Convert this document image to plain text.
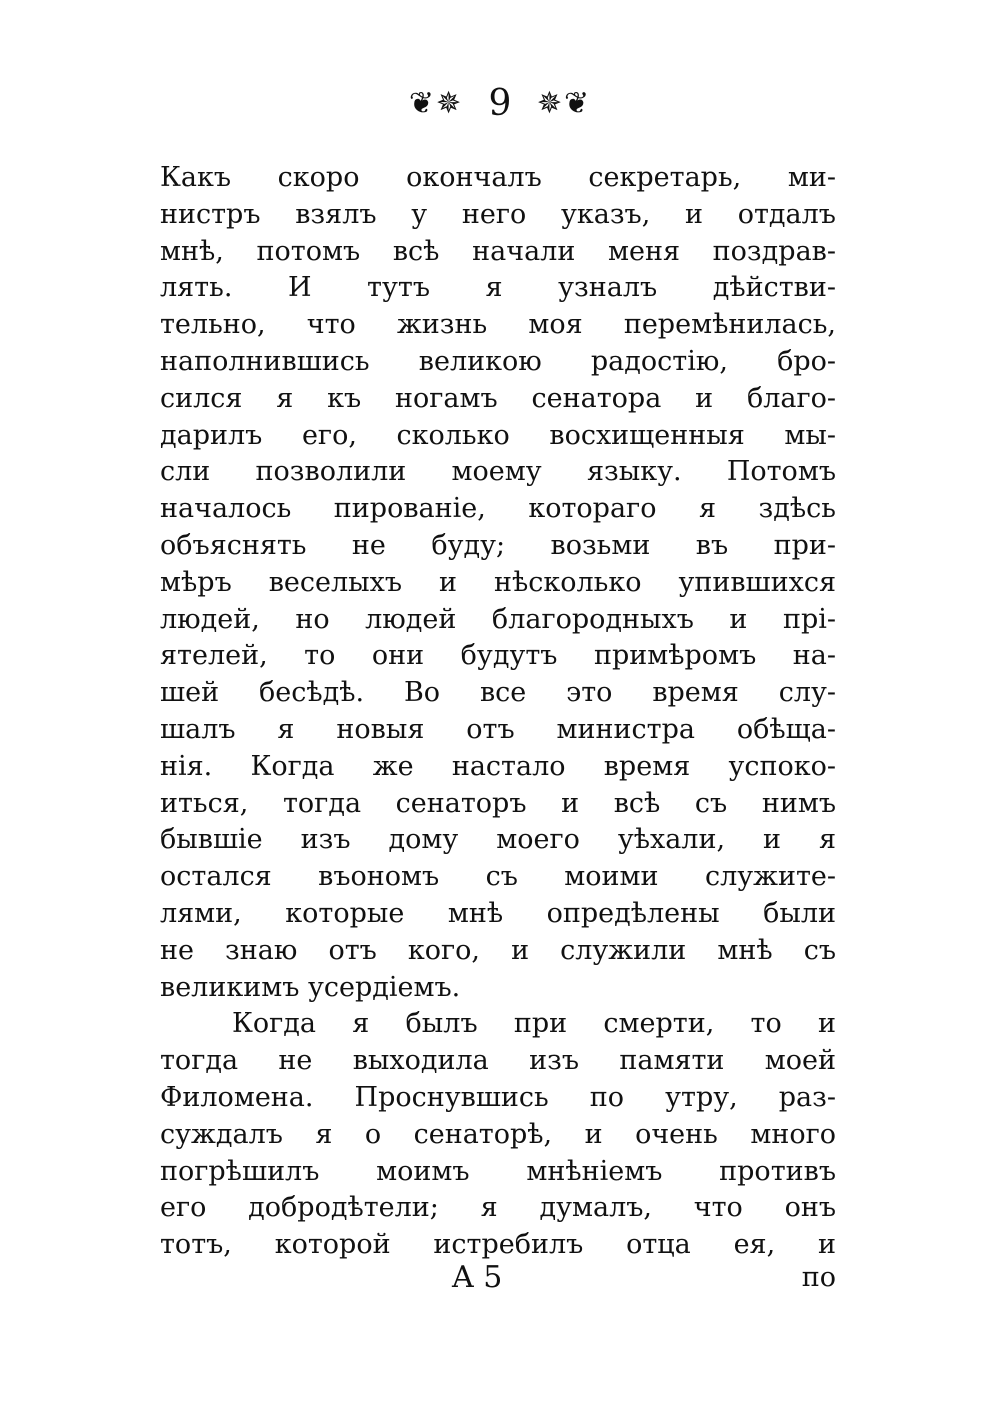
❦✵ 9 ✵❦
Какъ скоро окончалъ секретарь, ми-
нистръ взялъ у него указъ, и отдалъ
мнѣ, потомъ всѣ начали меня поздрав-
лять. И тутъ я узналъ дѣйстви-
тельно, что жизнь моя перемѣнилась,
наполнившись великою радостію, бро-
сился я къ ногамъ сенатора и благо-
дарилъ его, сколько восхищенныя мы-
сли позволили моему языку. Потомъ
началось пированіе, котораго я здѣсь
объяснять не буду; возьми въ при-
мѣръ веселыхъ и нѣсколько упившихся
людей, но людей благородныхъ и прі-
ятелей, то они будутъ примѣромъ на-
шей бесѣдѣ. Во все это время слу-
шалъ я новыя отъ министра обѣща-
нія. Когда же настало время успоко-
иться, тогда сенаторъ и всѣ съ нимъ
бывшіе изъ дому моего уѣхали, и я
остался въономъ съ моими служите-
лями, которые мнѣ опредѣлены были
не знаю отъ кого, и служили мнѣ съ
великимъ усердіемъ.
Когда я былъ при смерти, то и
тогда не выходила изъ памяти моей
Филомена. Проснувшись по утру, раз-
суждалъ я о сенаторѣ, и очень много
погрѣшилъ моимъ мнѣніемъ противъ
его добродѣтели; я думалъ, что онъ
тотъ, которой истребилъ отца ея, и
A 5	по
